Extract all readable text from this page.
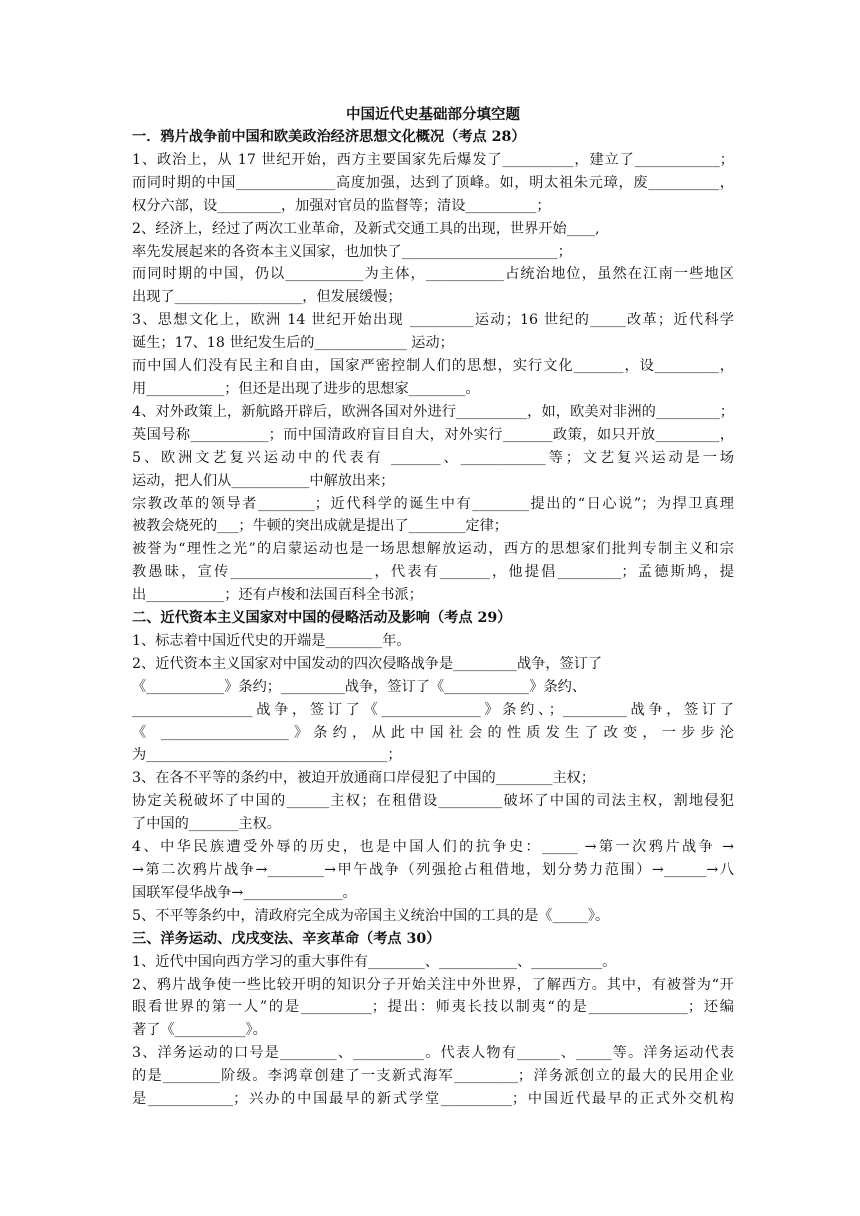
中国近代史基础部分填空题

一．鸦片战争前中国和欧美政治经济思想文化概况（考点 28）
1、政治上，从 17 世纪开始，西方主要国家先后爆发了__________，建立了____________；
而同时期的中国______________高度加强，达到了顶峰。如，明太祖朱元璋，废__________，
权分六部，设_________，加强对官员的监督等；清设__________；
2、经济上，经过了两次工业革命，及新式交通工具的出现，世界开始____,
率先发展起来的各资本主义国家，也加快了______________________；
而同时期的中国，仍以___________为主体，___________占统治地位，虽然在江南一些地区
出现了__________________，但发展缓慢；
3、思想文化上，欧洲 14 世纪开始出现 _________运动；16 世纪的_____改革；近代科学
诞生；17、18 世纪发生后的_____________ 运动；
而中国人们没有民主和自由，国家严密控制人们的思想，实行文化_______，设_________，
用___________；但还是出现了进步的思想家________。
4、对外政策上，新航路开辟后，欧洲各国对外进行__________，如，欧美对非洲的_________；
英国号称___________；而中国清政府盲目自大，对外实行_______政策，如只开放_________，
5、欧洲文艺复兴运动中的代表有 _______、____________等；文艺复兴运动是一场
运动，把人们从___________中解放出来；
宗教改革的领导者________；近代科学的诞生中有________提出的“日心说”；为捍卫真理
被教会烧死的___；牛顿的突出成就是提出了________定律；
被誉为“理性之光”的启蒙运动也是一场思想解放运动，西方的思想家们批判专制主义和宗
教愚昧，宣传____________________，代表有_______，他提倡_________；孟德斯鸠，提
出___________；还有卢梭和法国百科全书派；
二、近代资本主义国家对中国的侵略活动及影响（考点 29）
1、标志着中国近代史的开端是________年。
2、近代资本主义国家对中国发动的四次侵略战争是_________战争，签订了
《___________》条约；_________战争，签订了《____________》条约、
_________________战争，签订了《______________》条约、；_________战争，签订了
《 __________________》条约，从此中国社会的性质发生了改变，一步步沦
为__________________________________；
3、在各不平等的条约中，被迫开放通商口岸侵犯了中国的________主权；
协定关税破坏了中国的______主权；在租借设_________破坏了中国的司法主权，割地侵犯
了中国的_______主权。
4、中华民族遭受外辱的历史，也是中国人们的抗争史：_____ →第一次鸦片战争 →
→第二次鸦片战争→________→甲午战争（列强抢占租借地，划分势力范围）→______→八
国联军侵华战争→______________。
5、不平等条约中，清政府完全成为帝国主义统治中国的工具的是《_____》。
三、洋务运动、戊戌变法、辛亥革命（考点 30）
1、近代中国向西方学习的重大事件有________、___________、__________。
2、鸦片战争使一些比较开明的知识分子开始关注中外世界，了解西方。其中，有被誉为“开
眼看世界的第一人”的是__________；提出：师夷长技以制夷“的是______________；还编
著了《__________》。
3、洋务运动的口号是________、__________。代表人物有______、_____等。洋务运动代表
的是________阶级。李鸿章创建了一支新式海军_________；洋务派创立的最大的民用企业
是____________；兴办的中国最早的新式学堂__________；中国近代最早的正式外交机构
